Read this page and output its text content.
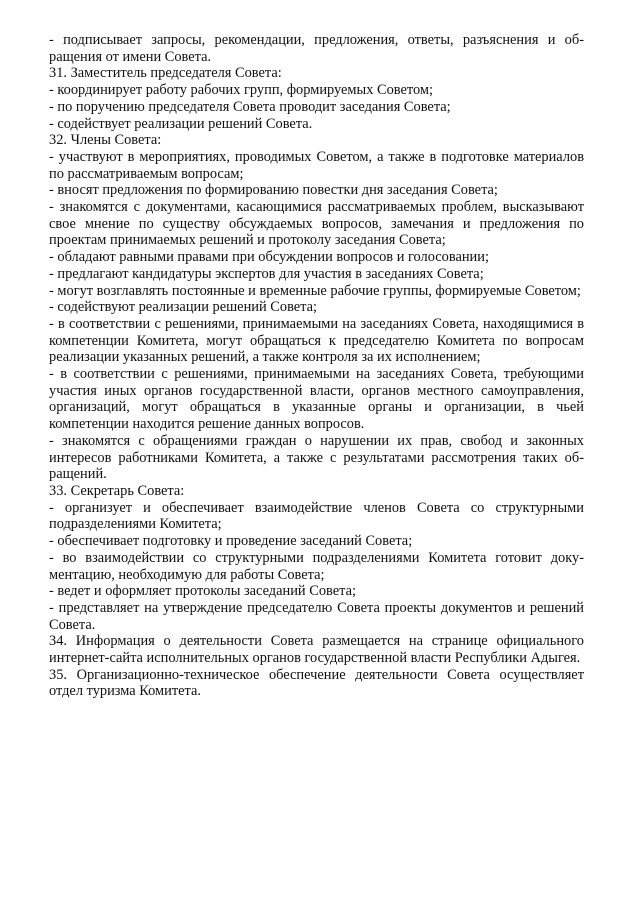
- подписывает запросы, рекомендации, предложения, ответы, разъяснения и обращения от имени Совета.

31. Заместитель председателя Совета:

- координирует работу рабочих групп, формируемых Советом;

- по поручению председателя Совета проводит заседания Совета;

- содействует реализации решений Совета.

32. Члены Совета:

- участвуют в мероприятиях, проводимых Советом, а также в подготовке материалов по рассматриваемым вопросам;

- вносят предложения по формированию повестки дня заседания Совета;

- знакомятся с документами, касающимися рассматриваемых проблем, высказывают свое мнение по существу обсуждаемых вопросов, замечания и предложения по проектам принимаемых решений и протоколу заседания Совета;

- обладают равными правами при обсуждении вопросов и голосовании;

- предлагают кандидатуры экспертов для участия в заседаниях Совета;

- могут возглавлять постоянные и временные рабочие группы, формируемые Советом;

- содействуют реализации решений Совета;

- в соответствии с решениями, принимаемыми на заседаниях Совета, находящимися в компетенции Комитета, могут обращаться к председателю Комитета по вопросам реализации указанных решений, а также контроля за их исполнением;

- в соответствии с решениями, принимаемыми на заседаниях Совета, требующими участия иных органов государственной власти, органов местного самоуправления, организаций, могут обращаться в указанные органы и организации, в чьей компетенции находится решение данных вопросов.

- знакомятся с обращениями граждан о нарушении их прав, свобод и законных интересов работниками Комитета, а также с результатами рассмотрения таких обращений.

33. Секретарь Совета:

- организует и обеспечивает взаимодействие членов Совета со структурными подразделениями Комитета;

- обеспечивает подготовку и проведение заседаний Совета;

- во взаимодействии со структурными подразделениями Комитета готовит документацию, необходимую для работы Совета;

- ведет и оформляет протоколы заседаний Совета;

- представляет на утверждение председателю Совета проекты документов и решений Совета.

34. Информация о деятельности Совета размещается на странице официального интернет-сайта исполнительных органов государственной власти Республики Адыгея.

35. Организационно-техническое обеспечение деятельности Совета осуществляет отдел туризма Комитета.
